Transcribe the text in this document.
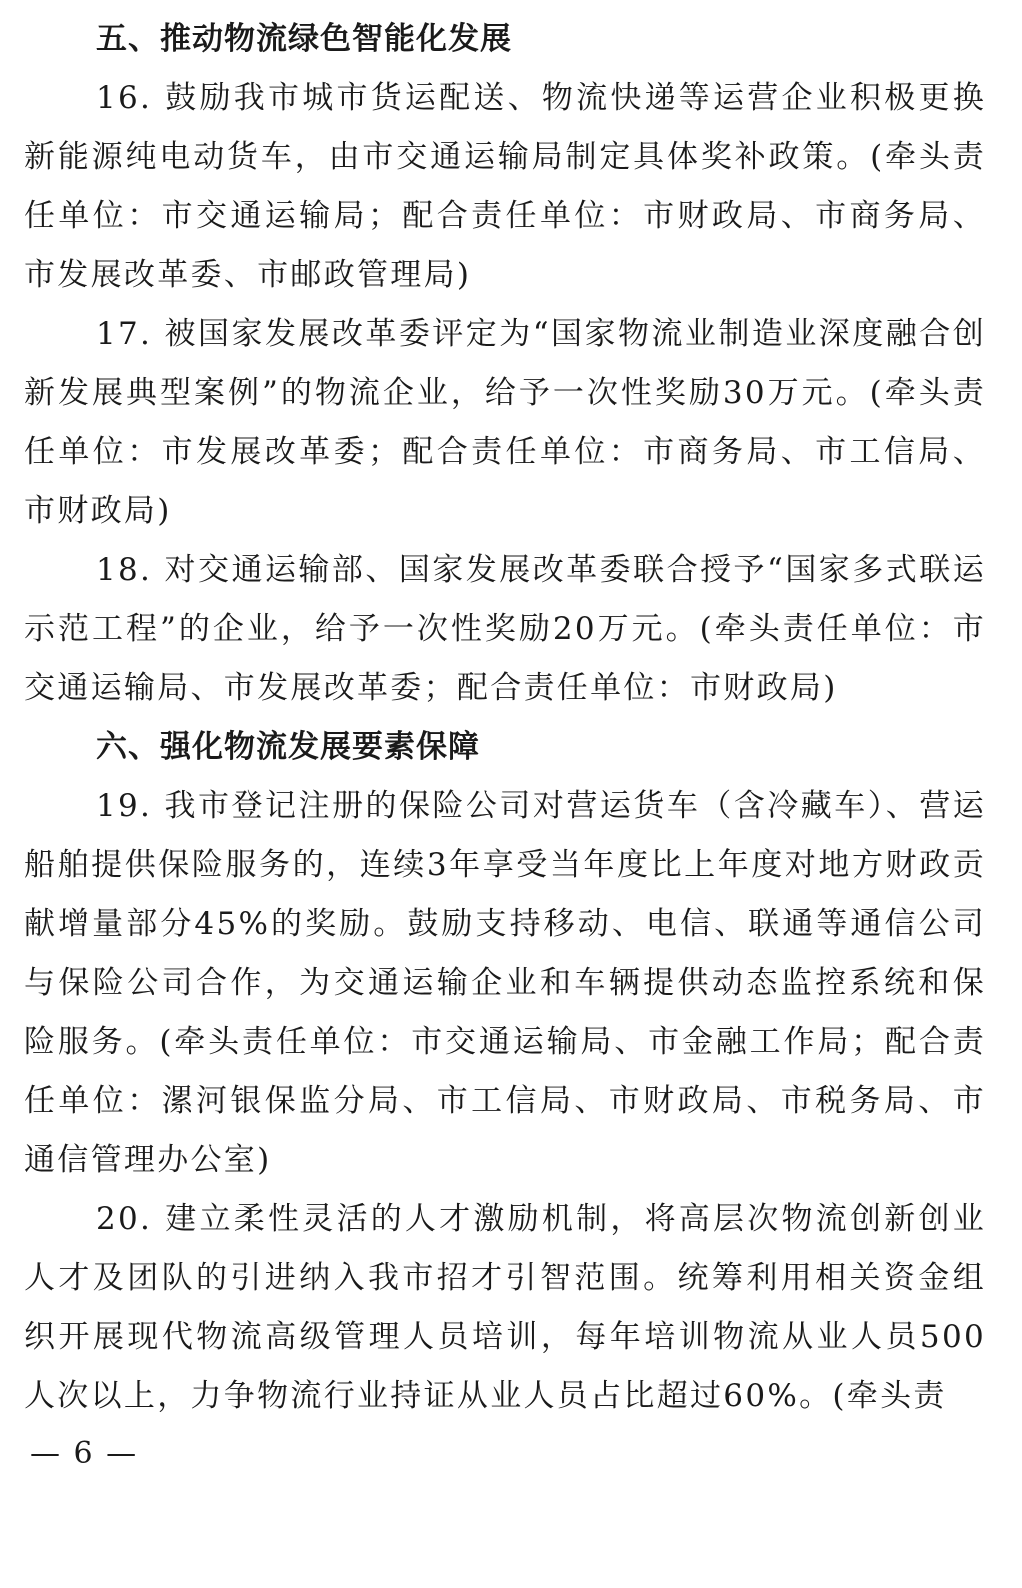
五、推动物流绿色智能化发展

16. 鼓励我市城市货运配送、物流快递等运营企业积极更换新能源纯电动货车，由市交通运输局制定具体奖补政策。(牵头责任单位：市交通运输局；配合责任单位：市财政局、市商务局、市发展改革委、市邮政管理局)

17. 被国家发展改革委评定为“国家物流业制造业深度融合创新发展典型案例”的物流企业，给予一次性奖励30万元。(牵头责任单位：市发展改革委；配合责任单位：市商务局、市工信局、市财政局)

18. 对交通运输部、国家发展改革委联合授予“国家多式联运示范工程”的企业，给予一次性奖励20万元。(牵头责任单位：市交通运输局、市发展改革委；配合责任单位：市财政局)

六、强化物流发展要素保障

19. 我市登记注册的保险公司对营运货车（含冷藏车）、营运船舶提供保险服务的，连续3年享受当年度比上年度对地方财政贡献增量部分45%的奖励。鼓励支持移动、电信、联通等通信公司与保险公司合作，为交通运输企业和车辆提供动态监控系统和保险服务。(牵头责任单位：市交通运输局、市金融工作局；配合责任单位：漯河银保监分局、市工信局、市财政局、市税务局、市通信管理办公室)

20. 建立柔性灵活的人才激励机制，将高层次物流创新创业人才及团队的引进纳入我市招才引智范围。统筹利用相关资金组织开展现代物流高级管理人员培训，每年培训物流从业人员500人次以上，力争物流行业持证从业人员占比超过60%。(牵头责

— 6 —
